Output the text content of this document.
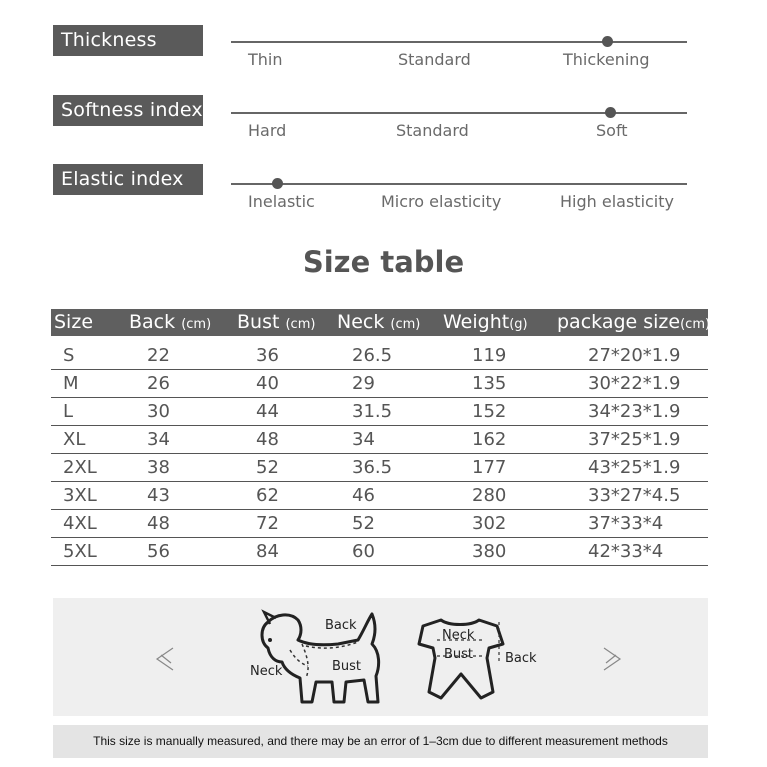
Thickness index
Thin	Standard	Thickening
Softness index
Hard	Standard	Soft
Elastic index
Inelastic	Micro elasticity	High elasticity
Size table
Size Back (cm) Bust (cm) Neck (cm) Weight(g) package size(cm)
S	22	36	26.5	119	27*20*1.9
M	26	40	29	135	30*22*1.9
L	30	44	31.5	152	34*23*1.9
XL	34	48	34	162	37*25*1.9
2XL	38	52	36.5	177	43*25*1.9
3XL	43	62	46	280	33*27*4.5
4XL	48	72	52	302	37*33*4
5XL	56	84	60	380	42*33*4
Back
Neck	Bust
Neck
Bust Back
This size is manually measured, and there may be an error of 1–3cm due to different measurement methods
